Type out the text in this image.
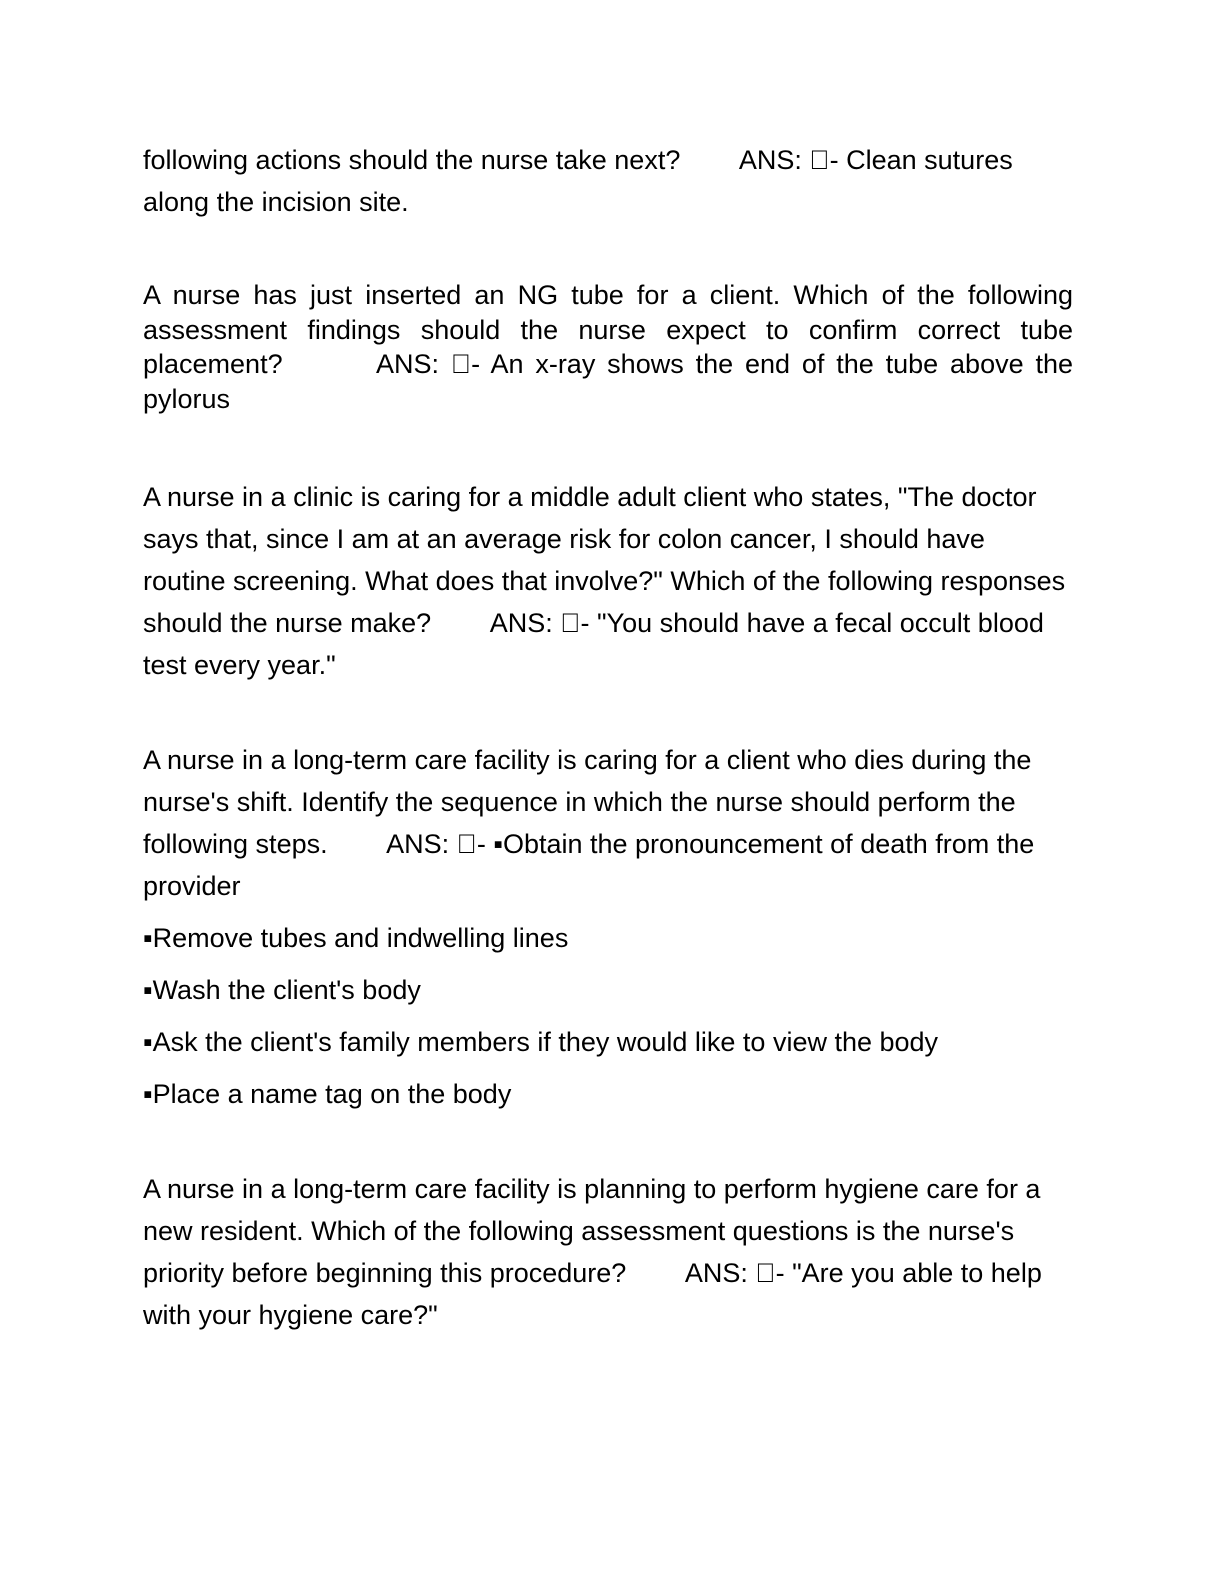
following actions should the nurse take next?        ANS:  - Clean sutures along the incision site.

A nurse has just inserted an NG tube for a client. Which of the following assessment findings should the nurse expect to confirm correct tube placement?        ANS:  - An x-ray shows the end of the tube above the pylorus

A nurse in a clinic is caring for a middle adult client who states, "The doctor says that, since I am at an average risk for colon cancer, I should have routine screening. What does that involve?" Which of the following responses should the nurse make?        ANS:  - "You should have a fecal occult blood test every year."

A nurse in a long-term care facility is caring for a client who dies during the nurse's shift. Identify the sequence in which the nurse should perform the following steps.        ANS:  - ▪Obtain the pronouncement of death from the provider

▪Remove tubes and indwelling lines

▪Wash the client's body

▪Ask the client's family members if they would like to view the body

▪Place a name tag on the body

A nurse in a long-term care facility is planning to perform hygiene care for a new resident. Which of the following assessment questions is the nurse's priority before beginning this procedure?        ANS:  - "Are you able to help with your hygiene care?"
